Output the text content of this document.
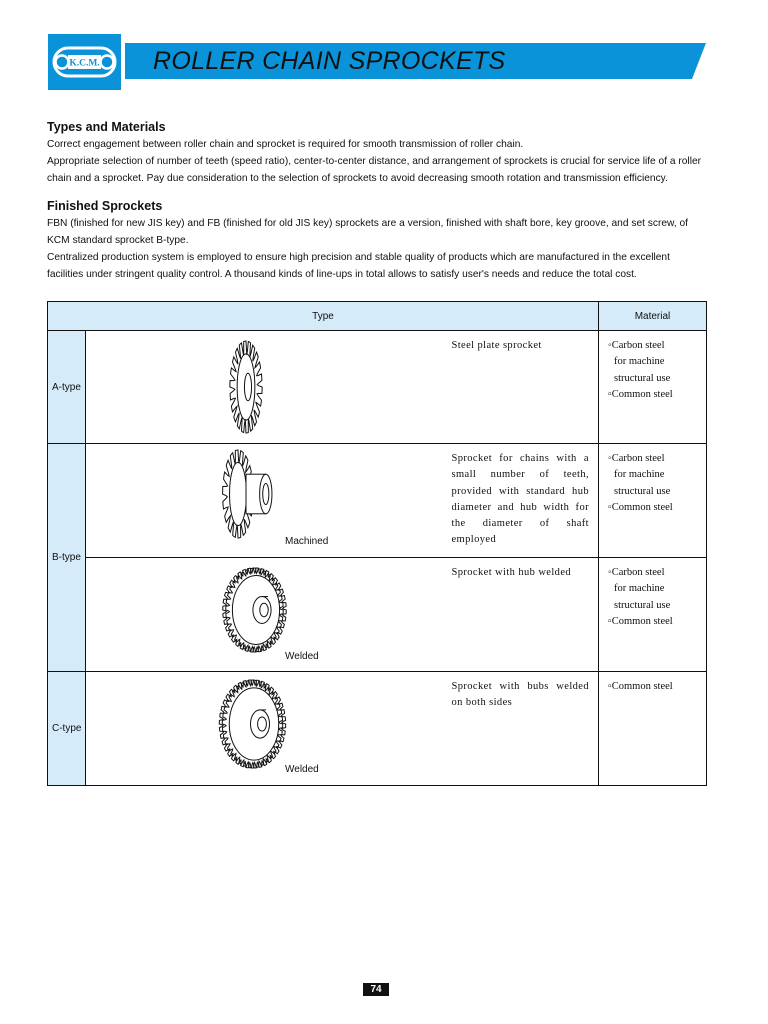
K.C.M. ROLLER CHAIN SPROCKETS
Types and Materials

Correct engagement between roller chain and sprocket is required for smooth transmission of roller chain.

Appropriate selection of number of teeth (speed ratio), center-to-center distance, and arrangement of sprockets is crucial for service life of a roller chain and a sprocket. Pay due consideration to the selection of sprockets to avoid decreasing smooth rotation and transmission efficiency.

Finished Sprockets

FBN (finished for new JIS key) and FB (finished for old JIS key) sprockets are a version, finished with shaft bore, key groove, and set screw, of KCM standard sprocket B-type.

Centralized production system is employed to ensure high precision and stable quality of products which are manufactured in the excellent facilities under stringent quality control. A thousand kinds of line-ups in total allows to satisfy user's needs and reduce the total cost.

Type			Material
A-type		Steel plate sprocket	◦Carbon steel
for machine
structural use
▫Common steel

B-type	Machined	Sprocket for chains with a small number of teeth, provided with standard hub diameter and hub width for the diameter of shaft employed	◦Carbon steel
for machine
structural use
▫Common steel

	Welded	Sprocket with hub welded	◦Carbon steel
for machine
structural use
▫Common steel

C-type	Welded	Sprocket with bubs welded on both sides	▫Common steel
74
